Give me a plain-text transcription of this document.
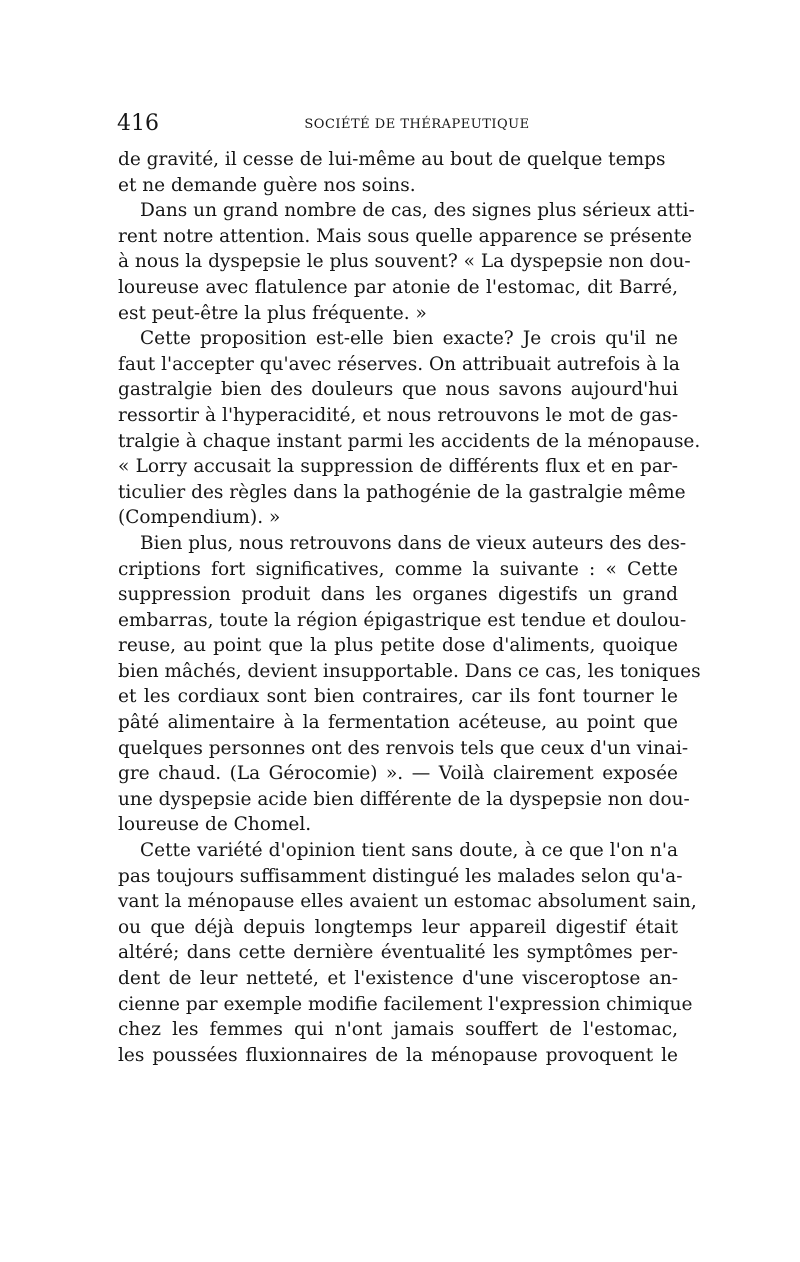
416	SOCIÉTÉ DE THÉRAPEUTIQUE
de gravité, il cesse de lui-même au bout de quelque temps
et ne demande guère nos soins.
Dans un grand nombre de cas, des signes plus sérieux atti-
rent notre attention. Mais sous quelle apparence se présente
à nous la dyspepsie le plus souvent? « La dyspepsie non dou-
loureuse avec flatulence par atonie de l'estomac, dit Barré,
est peut-être la plus fréquente. »
Cette proposition est-elle bien exacte? Je crois qu'il ne
faut l'accepter qu'avec réserves. On attribuait autrefois à la
gastralgie bien des douleurs que nous savons aujourd'hui
ressortir à l'hyperacidité, et nous retrouvons le mot de gas-
tralgie à chaque instant parmi les accidents de la ménopause.
« Lorry accusait la suppression de différents flux et en par-
ticulier des règles dans la pathogénie de la gastralgie même
(Compendium). »
Bien plus, nous retrouvons dans de vieux auteurs des des-
criptions fort significatives, comme la suivante : « Cette
suppression produit dans les organes digestifs un grand
embarras, toute la région épigastrique est tendue et doulou-
reuse, au point que la plus petite dose d'aliments, quoique
bien mâchés, devient insupportable. Dans ce cas, les toniques
et les cordiaux sont bien contraires, car ils font tourner le
pâté alimentaire à la fermentation acéteuse, au point que
quelques personnes ont des renvois tels que ceux d'un vinai-
gre chaud. (La Gérocomie) ». — Voilà clairement exposée
une dyspepsie acide bien différente de la dyspepsie non dou-
loureuse de Chomel.
Cette variété d'opinion tient sans doute, à ce que l'on n'a
pas toujours suffisamment distingué les malades selon qu'a-
vant la ménopause elles avaient un estomac absolument sain,
ou que déjà depuis longtemps leur appareil digestif était
altéré; dans cette dernière éventualité les symptômes per-
dent de leur netteté, et l'existence d'une visceroptose an-
cienne par exemple modifie facilement l'expression chimique
chez les femmes qui n'ont jamais souffert de l'estomac,
les poussées fluxionnaires de la ménopause provoquent le
